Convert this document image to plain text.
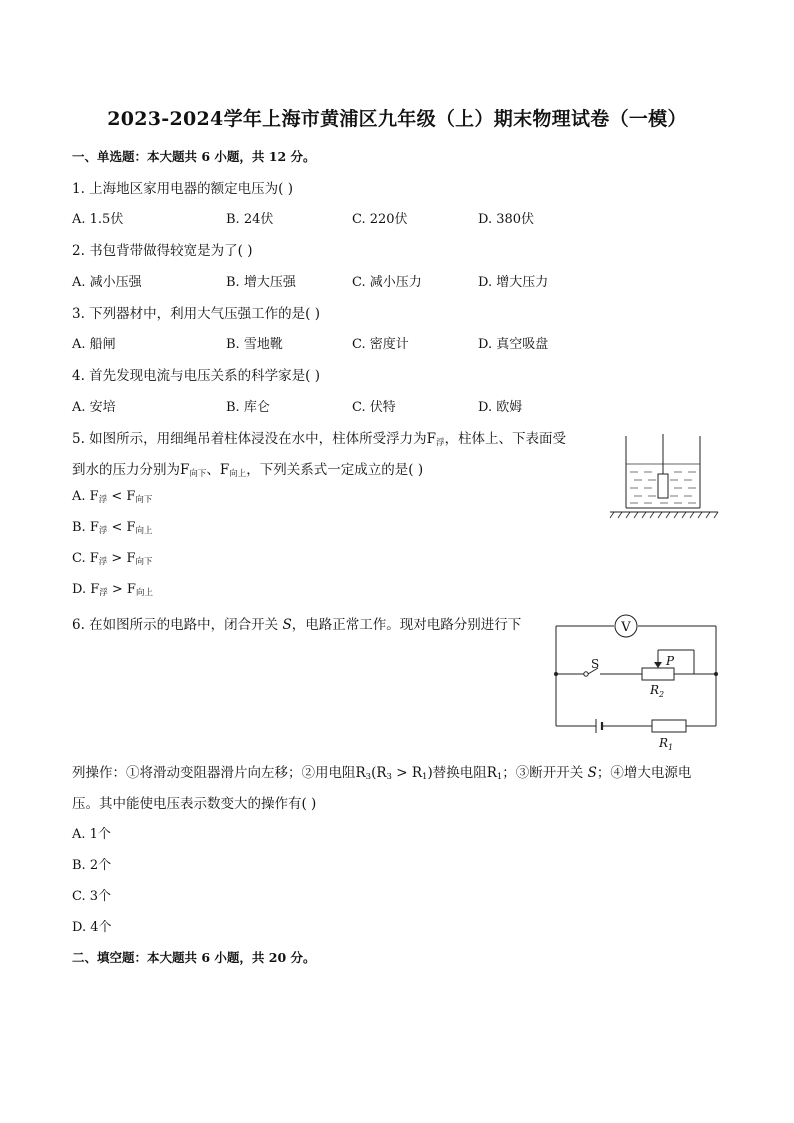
2023-2024学年上海市黄浦区九年级（上）期末物理试卷（一模）
一、单选题：本大题共 6 小题，共 12 分。
1. 上海地区家用电器的额定电压为( )
A. 1.5伏	B. 24伏	C. 220伏	D. 380伏
2. 书包背带做得较宽是为了( )
A. 减小压强	B. 增大压强	C. 减小压力	D. 增大压力
3. 下列器材中，利用大气压强工作的是( )
A. 船闸	B. 雪地靴	C. 密度计	D. 真空吸盘
4. 首先发现电流与电压关系的科学家是( )
A. 安培	B. 库仑	C. 伏特	D. 欧姆
5. 如图所示，用细绳吊着柱体浸没在水中，柱体所受浮力为$F_浮$，柱体上、下表面受
到水的压力分别为$F_{向下}$、$F_{向上}$，下列关系式一定成立的是( )
A. $F_浮 < F_{向下}$
B. $F_浮 < F_{向上}$
C. $F_浮 > F_{向下}$
D. $F_浮 > F_{向上}$
6. 在如图所示的电路中，闭合开关 S，电路正常工作。现对电路分别进行下	V
S	P
$R_2$
$R_1$
列操作：①将滑动变阻器滑片向左移；②用电阻$R_3(R_3 > R_1)$替换电阻$R_1$；③断开开关 S；④增大电源电
压。其中能使电压表示数变大的操作有( )
A. 1个
B. 2个
C. 3个
D. 4个
二、填空题：本大题共 6 小题，共 20 分。
